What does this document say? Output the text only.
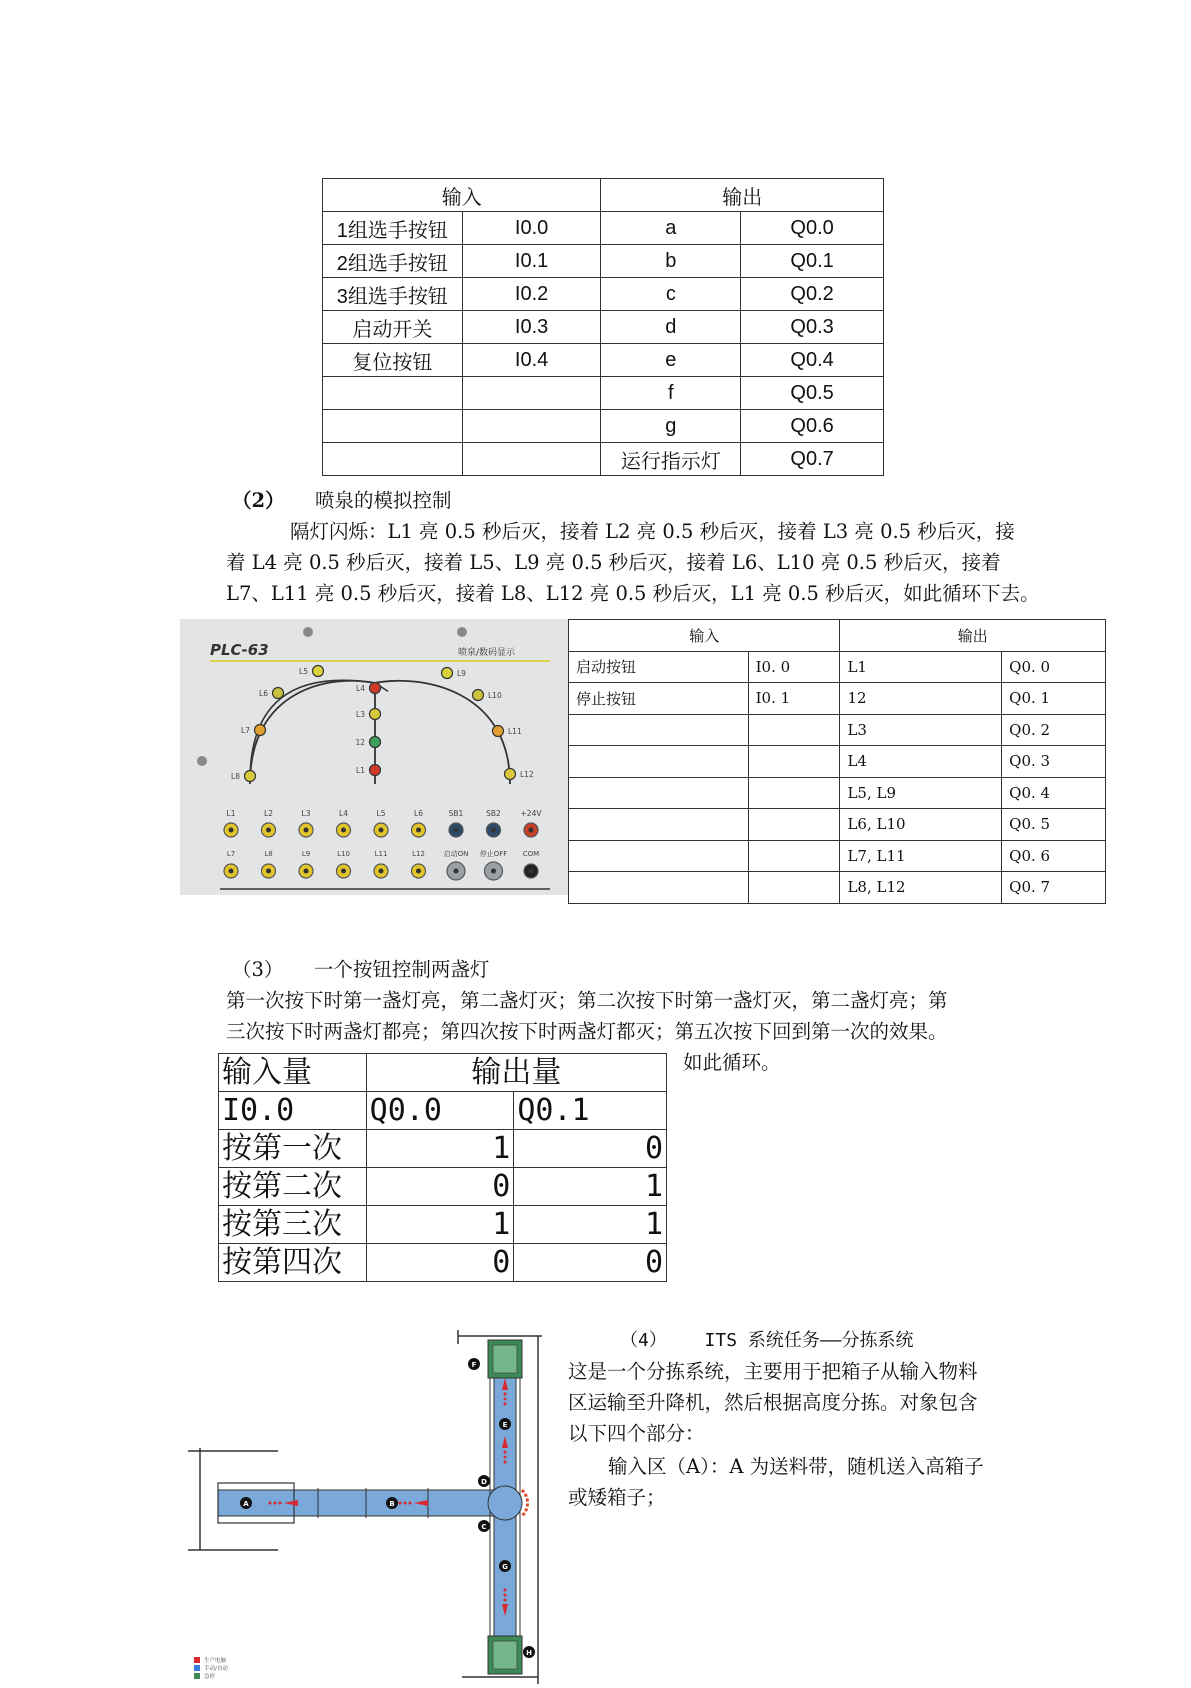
输入		输出	
1组选手按钮	I0.0	a	Q0.0
2组选手按钮	I0.1	b	Q0.1
3组选手按钮	I0.2	c	Q0.2
启动开关	I0.3	d	Q0.3
复位按钮	I0.4	e	Q0.4
		f	Q0.5
		g	Q0.6
		运行指示灯	Q0.7
（2） 喷泉的模拟控制
隔灯闪烁：L1 亮 0.5 秒后灭，接着 L2 亮 0.5 秒后灭，接着 L3 亮 0.5 秒后灭，接
着 L4 亮 0.5 秒后灭，接着 L5、L9 亮 0.5 秒后灭，接着 L6、L10 亮 0.5 秒后灭，接着
L7、L11 亮 0.5 秒后灭，接着 L8、L12 亮 0.5 秒后灭，L1 亮 0.5 秒后灭，如此循环下去。
PLC-63	喷泉/数码显示
L5
L6
L7
L8
L4
L3
12
L1
L9
L10
L11
L12
L1
L7
L2
L8
L3
L9
L4
L10
L5
L11
L6
L12
SB1
启动ON
SB2
停止OFF
+24V
COM
输入		输出	
启动按钮	I0. 0	L1	Q0. 0
停止按钮	I0. 1	12	Q0. 1
		L3	Q0. 2
		L4	Q0. 3
		L5, L9	Q0. 4
		L6, L10	Q0. 5
		L7, L11	Q0. 6
		L8, L12	Q0. 7
（3） 一个按钮控制两盏灯
第一次按下时第一盏灯亮，第二盏灯灭；第二次按下时第一盏灯灭，第二盏灯亮；第
三次按下时两盏灯都亮；第四次按下时两盏灯都灭；第五次按下回到第一次的效果。
如此循环。
输入量	输出量	
I0.0	Q0.0	Q0.1
按第一次	1	0
按第二次	0	1
按第三次	1	1
按第四次	0	0
A	B
C
D
E
F
G
H
生产电脑
手动/自动
急停
（4） ITS 系统任务——分拣系统
这是一个分拣系统，主要用于把箱子从输入物料
区运输至升降机，然后根据高度分拣。对象包含
以下四个部分：
输入区（A）：A 为送料带，随机送入高箱子
或矮箱子；
